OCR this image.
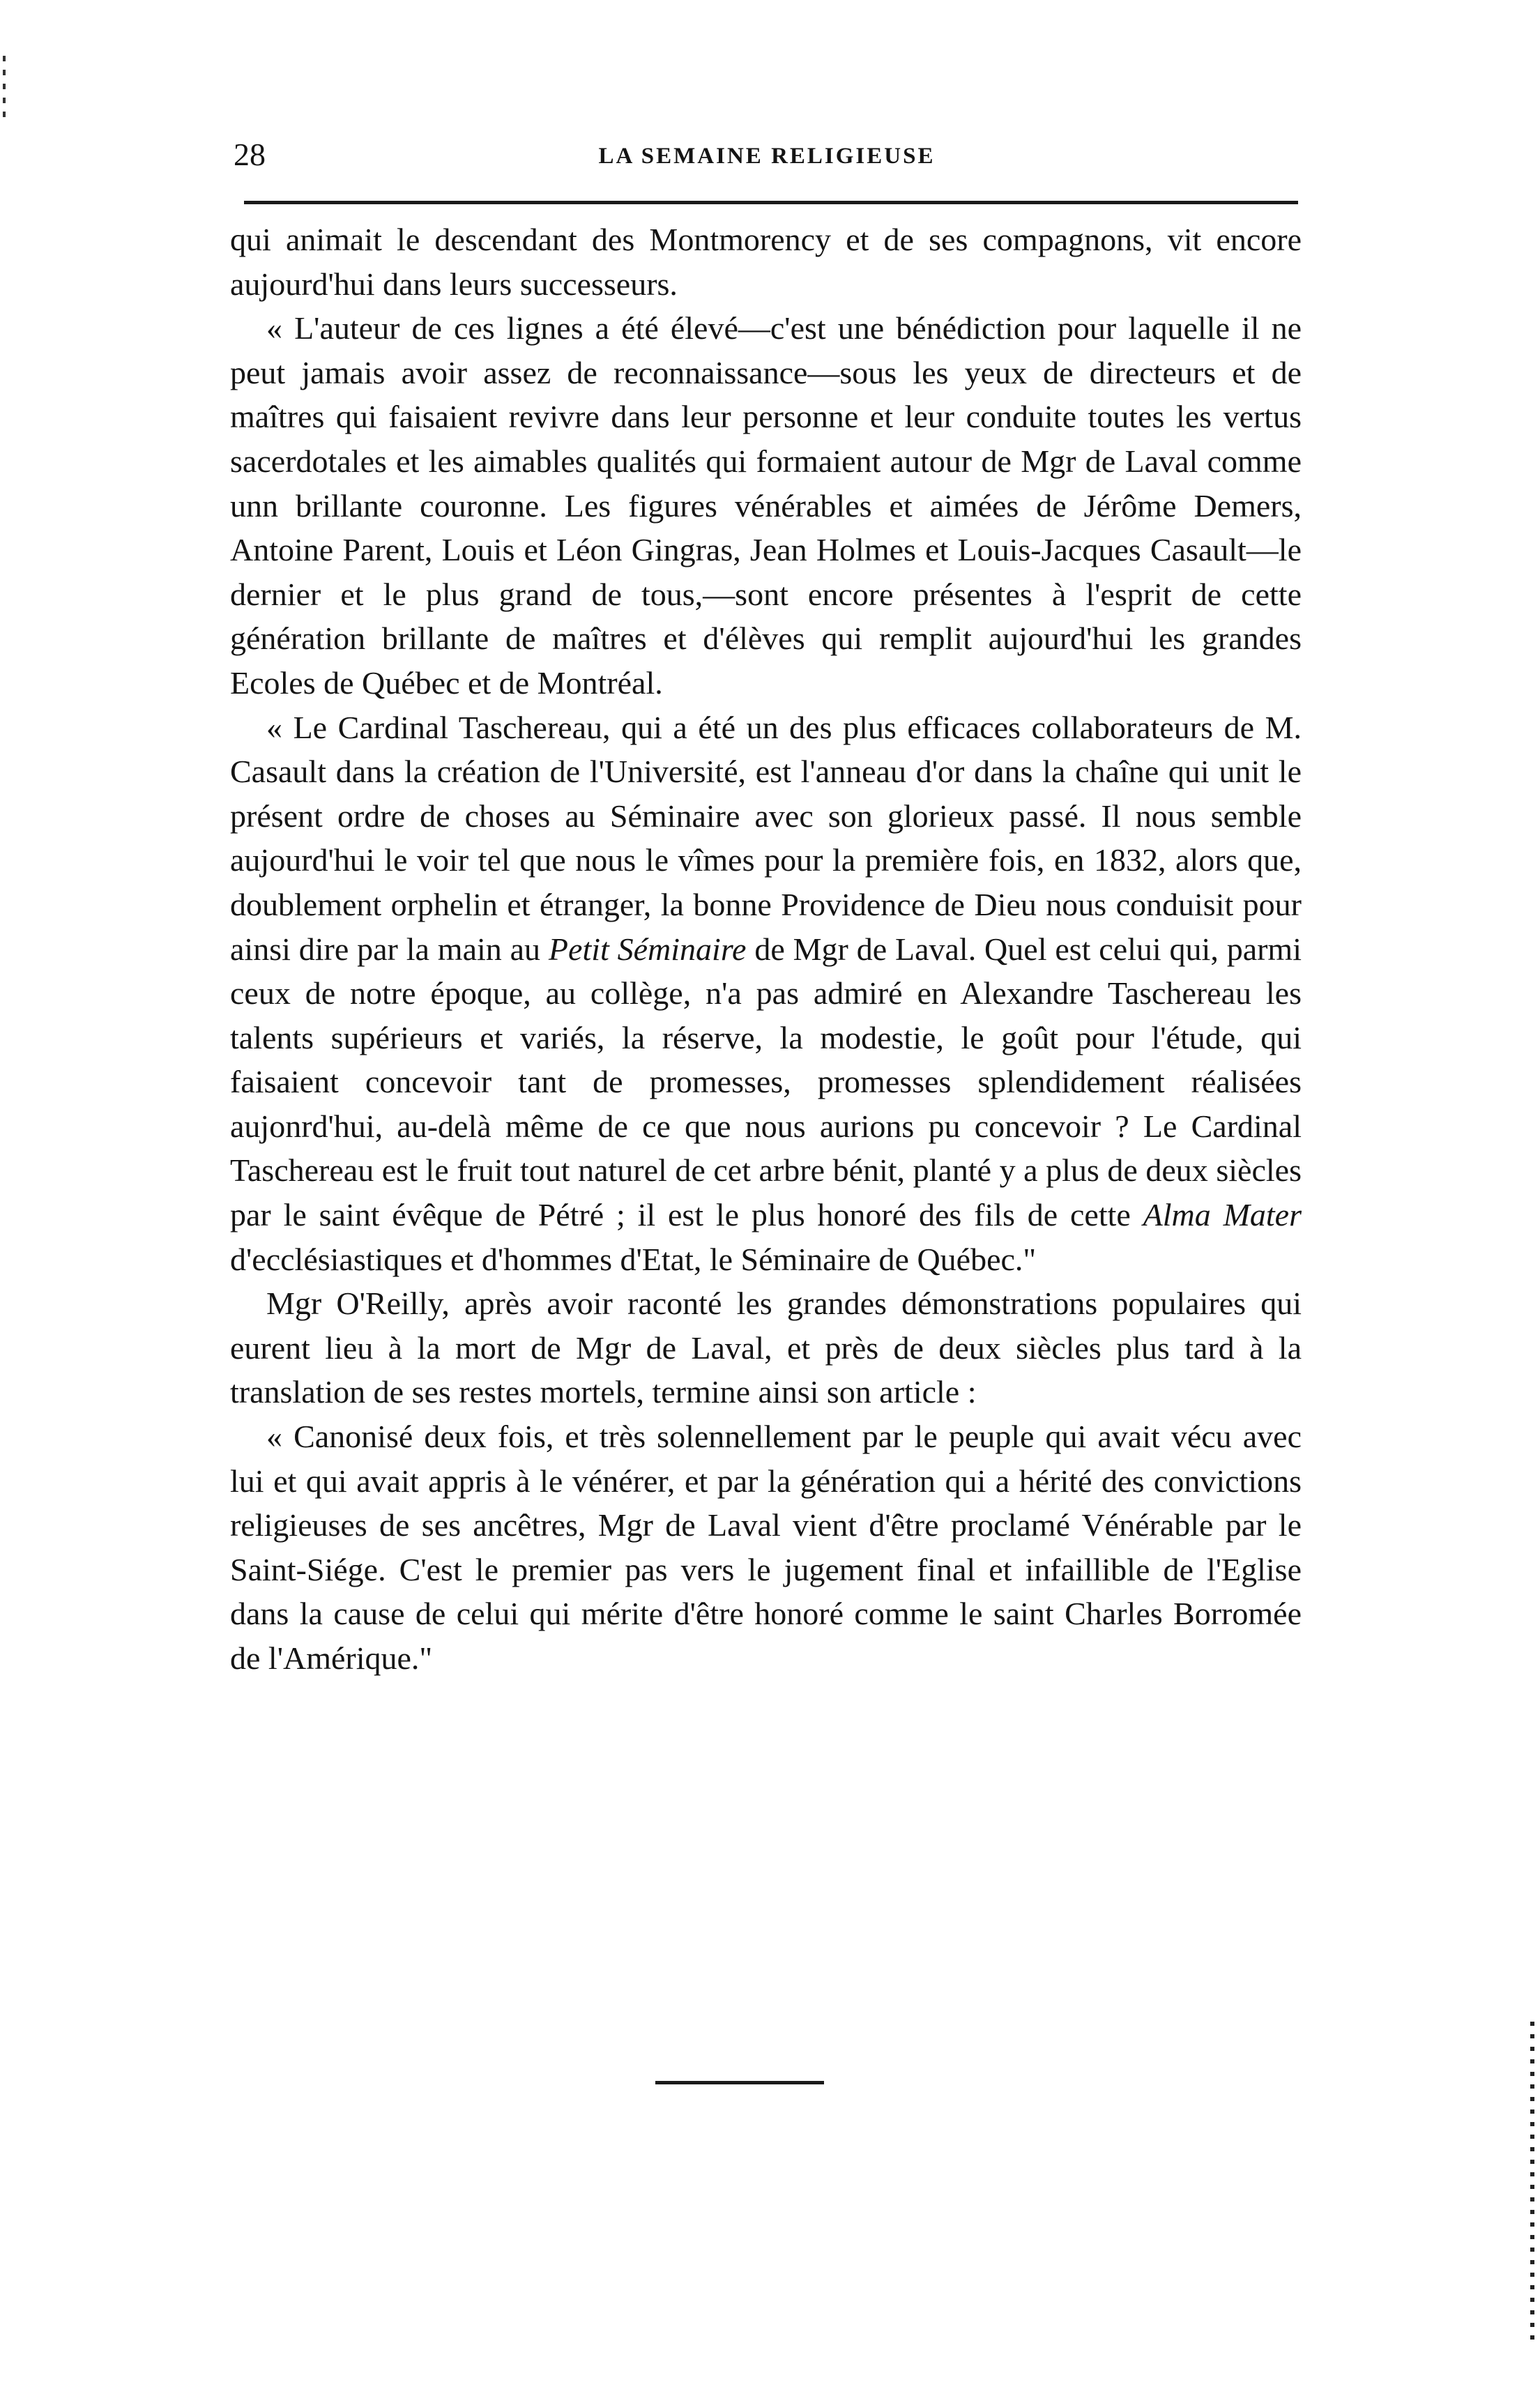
28	LA SEMAINE RELIGIEUSE

qui animait le descendant des Montmorency et de ses compagnons, vit encore aujourd'hui dans leurs successeurs.

« L'auteur de ces lignes a été élevé—c'est une bénédiction pour laquelle il ne peut jamais avoir assez de reconnaissance—sous les yeux de directeurs et de maîtres qui faisaient revivre dans leur personne et leur conduite toutes les vertus sacerdotales et les aimables qualités qui formaient autour de Mgr de Laval comme unn brillante couronne. Les figures vénérables et aimées de Jérôme Demers, Antoine Parent, Louis et Léon Gingras, Jean Holmes et Louis-Jacques Casault—le dernier et le plus grand de tous,—sont encore présentes à l'esprit de cette génération brillante de maîtres et d'élèves qui remplit aujourd'hui les grandes Ecoles de Québec et de Montréal.

« Le Cardinal Taschereau, qui a été un des plus efficaces collaborateurs de M. Casault dans la création de l'Université, est l'anneau d'or dans la chaîne qui unit le présent ordre de choses au Séminaire avec son glorieux passé. Il nous semble aujourd'hui le voir tel que nous le vîmes pour la première fois, en 1832, alors que, doublement orphelin et étranger, la bonne Providence de Dieu nous conduisit pour ainsi dire par la main au Petit Séminaire de Mgr de Laval. Quel est celui qui, parmi ceux de notre époque, au collège, n'a pas admiré en Alexandre Taschereau les talents supérieurs et variés, la réserve, la modestie, le goût pour l'étude, qui faisaient concevoir tant de promesses, promesses splendidement réalisées aujonrd'hui, au-delà même de ce que nous aurions pu concevoir ? Le Cardinal Taschereau est le fruit tout naturel de cet arbre bénit, planté y a plus de deux siècles par le saint évêque de Pétré ; il est le plus honoré des fils de cette Alma Mater d'ecclésiastiques et d'hommes d'Etat, le Séminaire de Québec."

Mgr O'Reilly, après avoir raconté les grandes démonstrations populaires qui eurent lieu à la mort de Mgr de Laval, et près de deux siècles plus tard à la translation de ses restes mortels, termine ainsi son article :

« Canonisé deux fois, et très solennellement par le peuple qui avait vécu avec lui et qui avait appris à le vénérer, et par la génération qui a hérité des convictions religieuses de ses ancêtres, Mgr de Laval vient d'être proclamé Vénérable par le Saint-Siége. C'est le premier pas vers le jugement final et infaillible de l'Eglise dans la cause de celui qui mérite d'être honoré comme le saint Charles Borromée de l'Amérique."
